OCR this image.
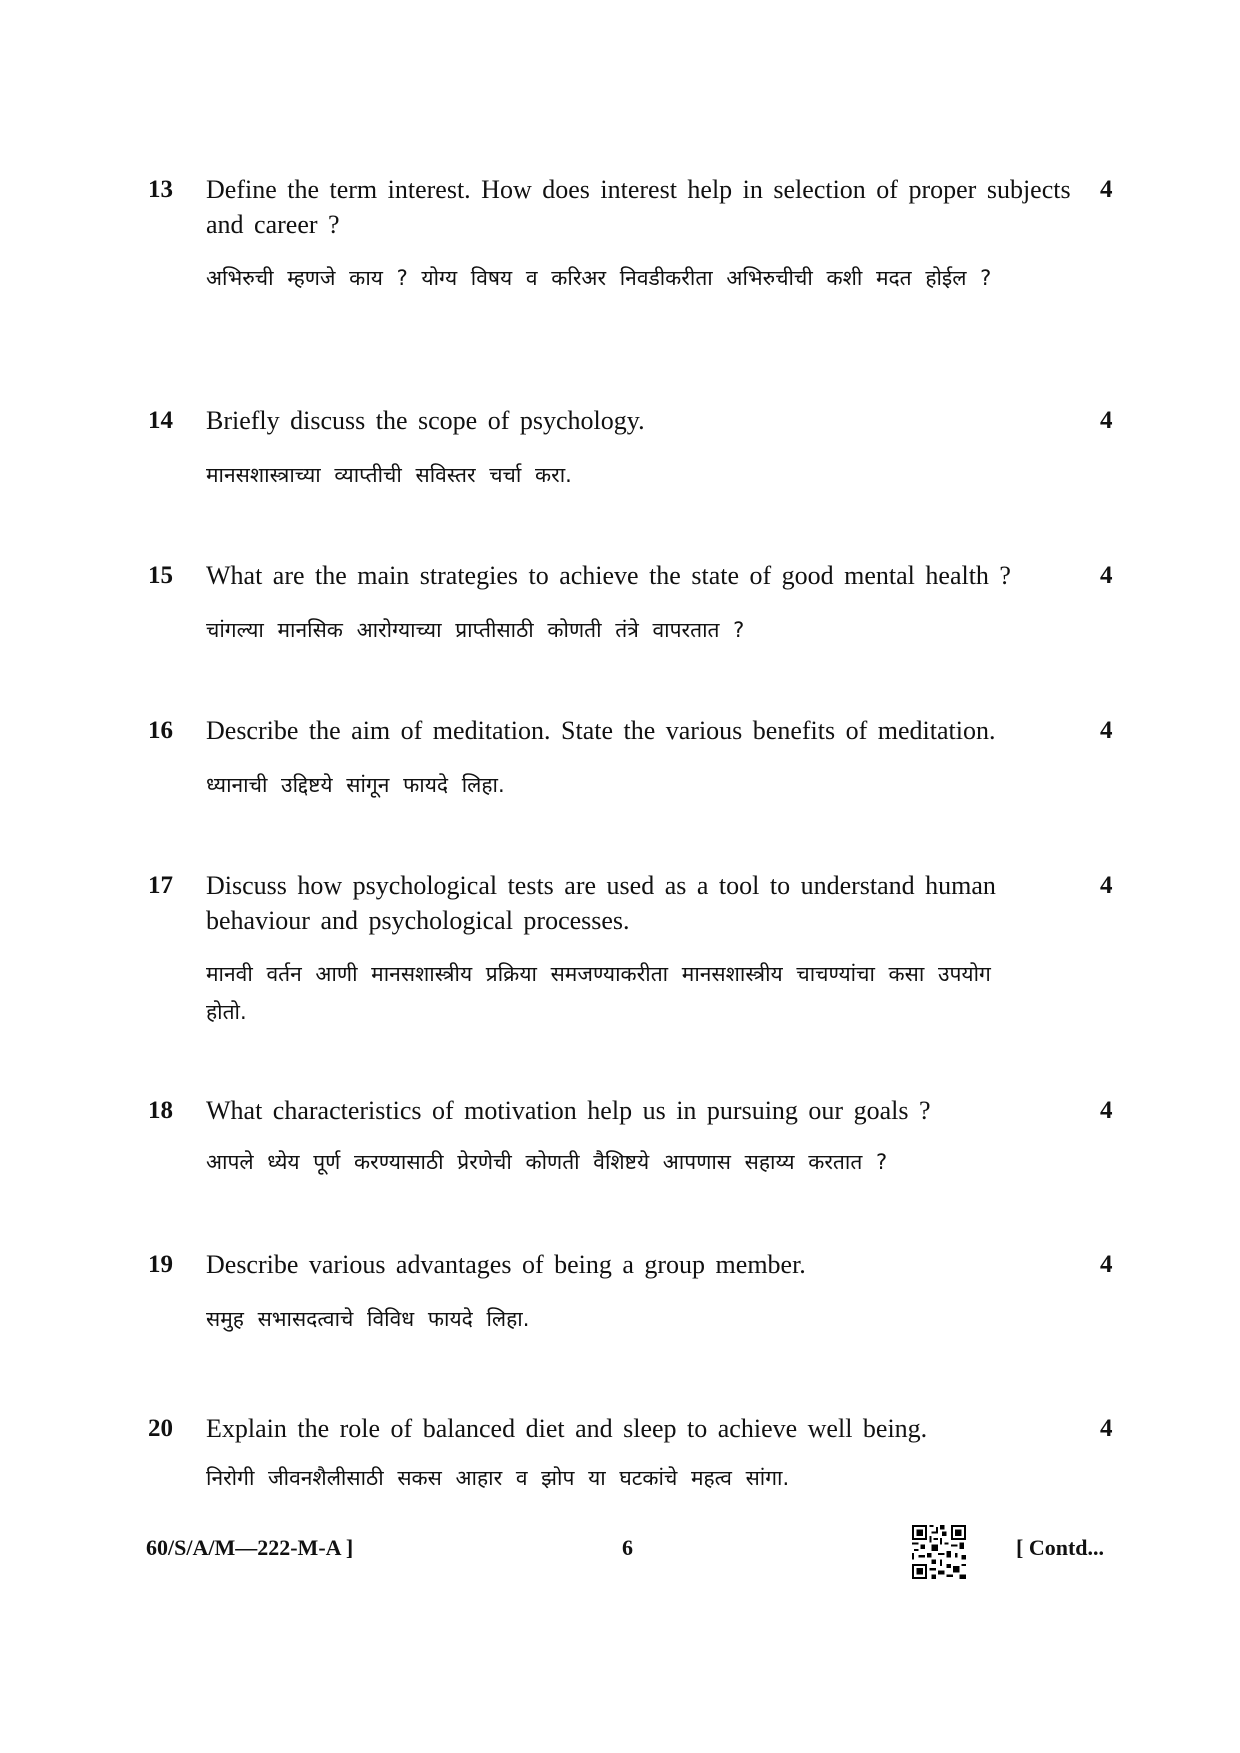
13 Define the term interest. How does interest help in selection of proper subjects and career ?
अभिरुची म्हणजे काय ? योग्य विषय व करिअर निवडीकरीता अभिरुचीची कशी मदत होईल ?
4
14 Briefly discuss the scope of psychology.
मानसशास्त्राच्या व्याप्तीची सविस्तर चर्चा करा.
4
15 What are the main strategies to achieve the state of good mental health ?
चांगल्या मानसिक आरोग्याच्या प्राप्तीसाठी कोणती तंत्रे वापरतात ?
4
16 Describe the aim of meditation. State the various benefits of meditation.
ध्यानाची उद्दिष्टये सांगून फायदे लिहा.
4
17 Discuss how psychological tests are used as a tool to understand human behaviour and psychological processes.
मानवी वर्तन आणी मानसशास्त्रीय प्रक्रिया समजण्याकरीता मानसशास्त्रीय चाचण्यांचा कसा उपयोग होतो.
4
18 What characteristics of motivation help us in pursuing our goals ?
आपले ध्येय पूर्ण करण्यासाठी प्रेरणेची कोणती वैशिष्टये आपणास सहाय्य करतात ?
4
19 Describe various advantages of being a group member.
समुह सभासदत्वाचे विविध फायदे लिहा.
4
20 Explain the role of balanced diet and sleep to achieve well being.
निरोगी जीवनशैलीसाठी सकस आहार व झोप या घटकांचे महत्व सांगा.
4
60/S/A/M—222-M-A ]	6	[ Contd...
